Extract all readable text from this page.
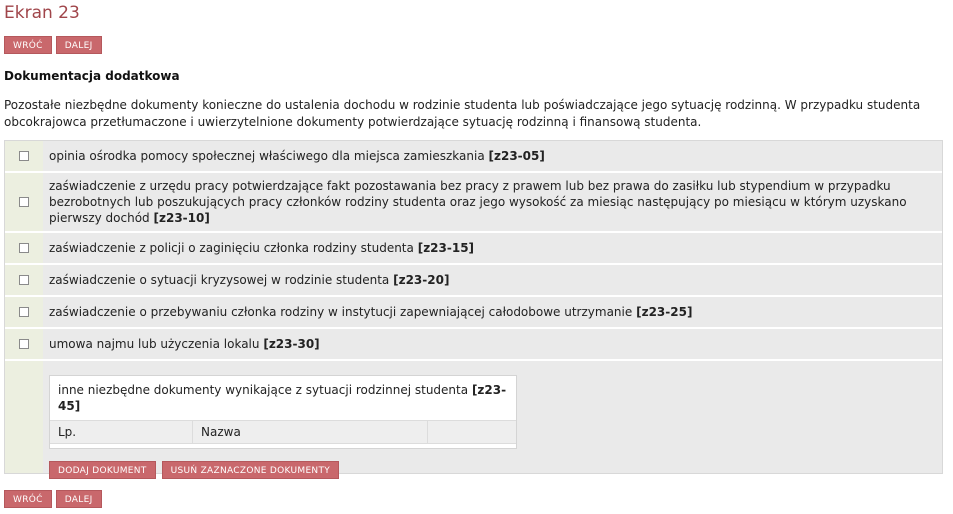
Ekran 23
WRÓĆ	DALEJ
Dokumentacja dodatkowa
Pozostałe niezbędne dokumenty konieczne do ustalenia dochodu w rodzinie studenta lub poświadczające jego sytuację rodzinną. W przypadku studenta obcokrajowca przetłumaczone i uwierzytelnione dokumenty potwierdzające sytuację rodzinną i finansową studenta.
opinia ośrodka pomocy społecznej właściwego dla miejsca zamieszkania [z23-05]
zaświadczenie z urzędu pracy potwierdzające fakt pozostawania bez pracy z prawem lub bez prawa do zasiłku lub stypendium w przypadku bezrobotnych lub poszukujących pracy członków rodziny studenta oraz jego wysokość za miesiąc następujący po miesiącu w którym uzyskano pierwszy dochód [z23-10]
zaświadczenie z policji o zaginięciu członka rodziny studenta [z23-15]
zaświadczenie o sytuacji kryzysowej w rodzinie studenta [z23-20]
zaświadczenie o przebywaniu członka rodziny w instytucji zapewniającej całodobowe utrzymanie [z23-25]
umowa najmu lub użyczenia lokalu [z23-30]
inne niezbędne dokumenty wynikające z sytuacji rodzinnej studenta [z23-45]
Lp.	Nazwa
DODAJ DOKUMENT	USUŃ ZAZNACZONE DOKUMENTY
WRÓĆ	DALEJ
